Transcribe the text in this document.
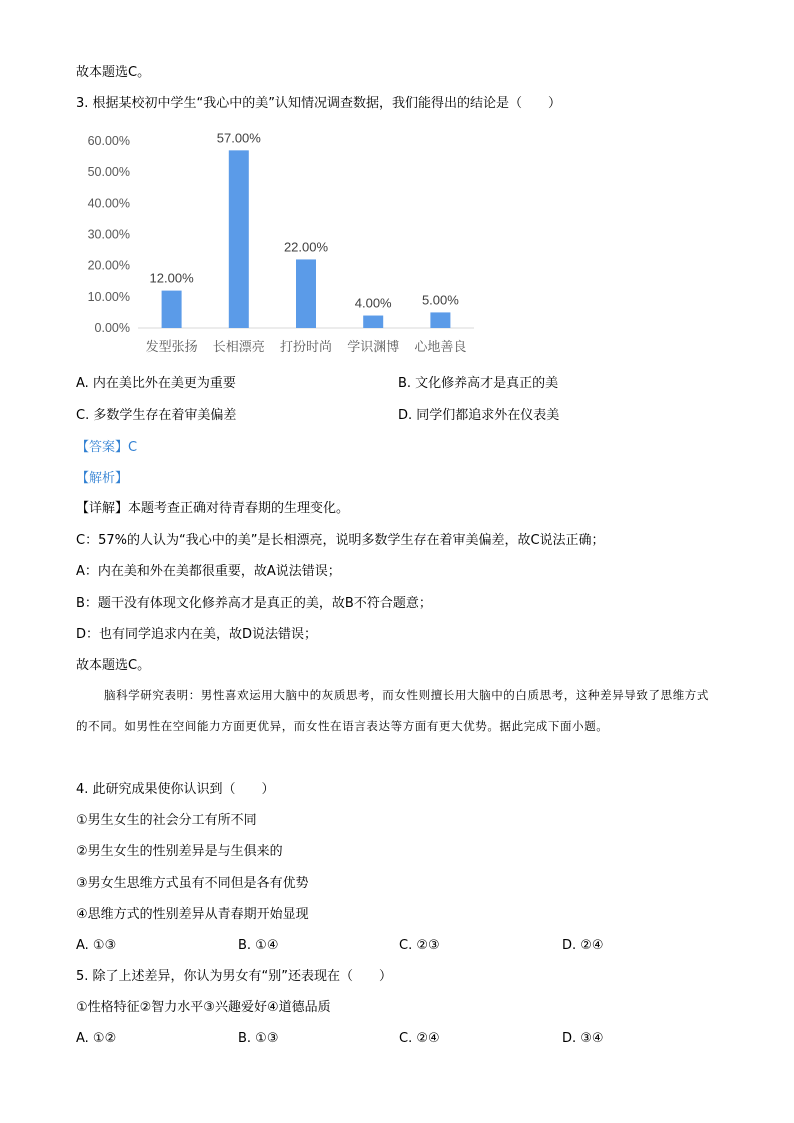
故本题选C。
3. 根据某校初中学生“我心中的美”认知情况调查数据，我们能得出的结论是（　　）
0.00%
10.00%
20.00%
30.00%
40.00%
50.00%
60.00%
12.00%
发型张扬
57.00%
长相漂亮
22.00%
打扮时尚
4.00%
学识渊博
5.00%
心地善良
A. 内在美比外在美更为重要	B. 文化修养高才是真正的美
C. 多数学生存在着审美偏差	D. 同学们都追求外在仪表美
【答案】C
【解析】
【详解】本题考查正确对待青春期的生理变化。
C：57%的人认为“我心中的美”是长相漂亮，说明多数学生存在着审美偏差，故C说法正确；
A：内在美和外在美都很重要，故A说法错误；
B：题干没有体现文化修养高才是真正的美，故B不符合题意；
D：也有同学追求内在美，故D说法错误；
故本题选C。
脑科学研究表明：男性喜欢运用大脑中的灰质思考，而女性则擅长用大脑中的白质思考，这种差异导致了思维方式的不同。如男性在空间能力方面更优异，而女性在语言表达等方面有更大优势。据此完成下面小题。
4. 此研究成果使你认识到（　　）
①男生女生的社会分工有所不同
②男生女生的性别差异是与生俱来的
③男女生思维方式虽有不同但是各有优势
④思维方式的性别差异从青春期开始显现
A. ①③	B. ①④	C. ②③	D. ②④
5. 除了上述差异，你认为男女有“别”还表现在（　　）
①性格特征②智力水平③兴趣爱好④道德品质
A. ①②	B. ①③	C. ②④	D. ③④
